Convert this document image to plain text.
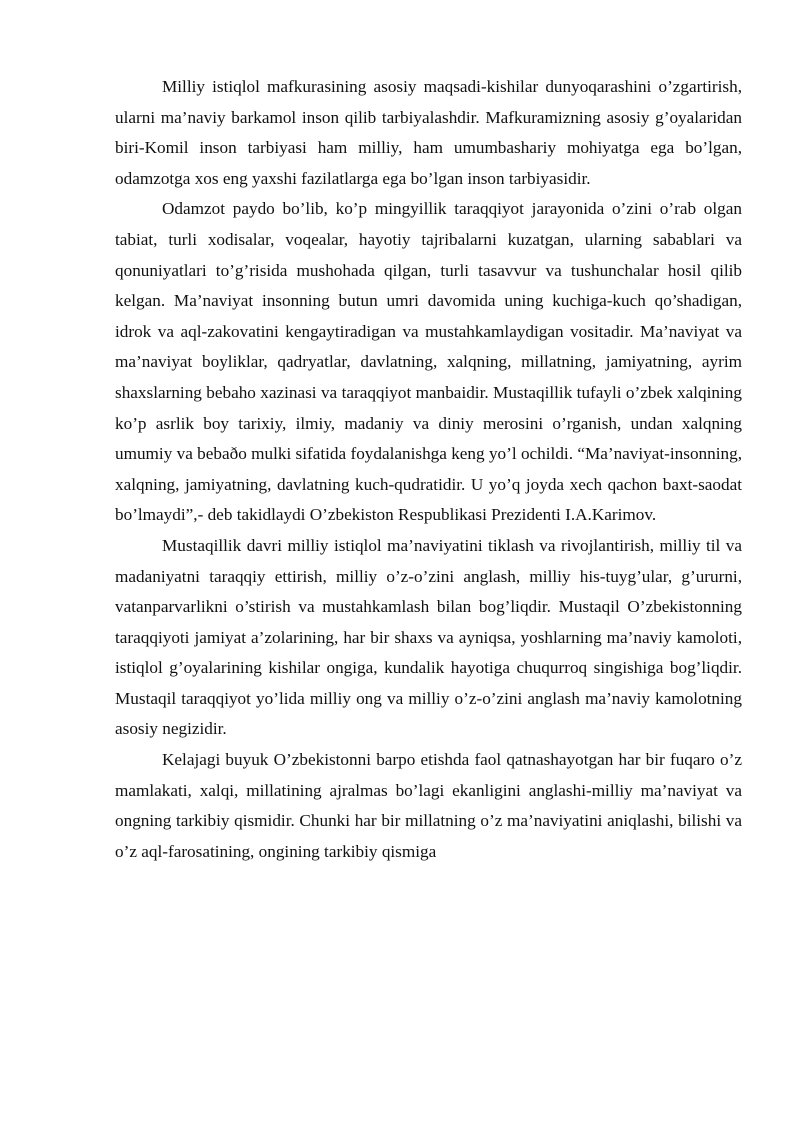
Milliy istiqlol mafkurasining asosiy maqsadi-kishilar dunyoqarashini o’zgartirish, ularni ma’naviy barkamol inson qilib tarbiyalashdir. Mafkuramizning asosiy g’oyalaridan biri-Komil inson tarbiyasi ham milliy, ham umumbashariy mohiyatga ega bo’lgan, odamzotga xos eng yaxshi fazilatlarga ega bo’lgan inson tarbiyasidir.

Odamzot paydo bo’lib, ko’p mingyillik taraqqiyot jarayonida o’zini o’rab olgan tabiat, turli xodisalar, voqealar, hayotiy tajribalarni kuzatgan, ularning sabablari va qonuniyatlari to’g’risida mushohada qilgan, turli tasavvur va tushunchalar hosil qilib kelgan. Ma’naviyat insonning butun umri davomida uning kuchiga-kuch qo’shadigan, idrok va aql-zakovatini kengaytiradigan va mustahkamlaydigan vositadir. Ma’naviyat va ma’naviyat boyliklar, qadryatlar, davlatning, xalqning, millatning, jamiyatning, ayrim shaxslarning bebaho xazinasi va taraqqiyot manbaidir. Mustaqillik tufayli o’zbek xalqining ko’p asrlik boy tarixiy, ilmiy, madaniy va diniy merosini o’rganish, undan xalqning umumiy va bebaðo mulki sifatida foydalanishga keng yo’l ochildi. “Ma’naviyat-insonning, xalqning, jamiyatning, davlatning kuch-qudratidir. U yo’q joyda xech qachon baxt-saodat bo’lmaydi”,- deb takidlaydi O’zbekiston Respublikasi Prezidenti I.A.Karimov.

Mustaqillik davri milliy istiqlol ma’naviyatini tiklash va rivojlantirish, milliy til va madaniyatni taraqqiy ettirish, milliy o’z-o’zini anglash, milliy his-tuyg’ular, g’ururni, vatanparvarlikni o’stirish va mustahkamlash bilan bog’liqdir. Mustaqil O’zbekistonning taraqqiyoti jamiyat a’zolarining, har bir shaxs va ayniqsa, yoshlarning ma’naviy kamoloti, istiqlol g’oyalarining kishilar ongiga, kundalik hayotiga chuqurroq singishiga bog’liqdir. Mustaqil taraqqiyot yo’lida milliy ong va milliy o’z-o’zini anglash ma’naviy kamolotning asosiy negizidir.

Kelajagi buyuk O’zbekistonni barpo etishda faol qatnashayotgan har bir fuqaro o’z mamlakati, xalqi, millatining ajralmas bo’lagi ekanligini anglashi-milliy ma’naviyat va ongning tarkibiy qismidir. Chunki har bir millatning o’z ma’naviyatini aniqlashi, bilishi va o’z aql-farosatining, ongining tarkibiy qismiga
